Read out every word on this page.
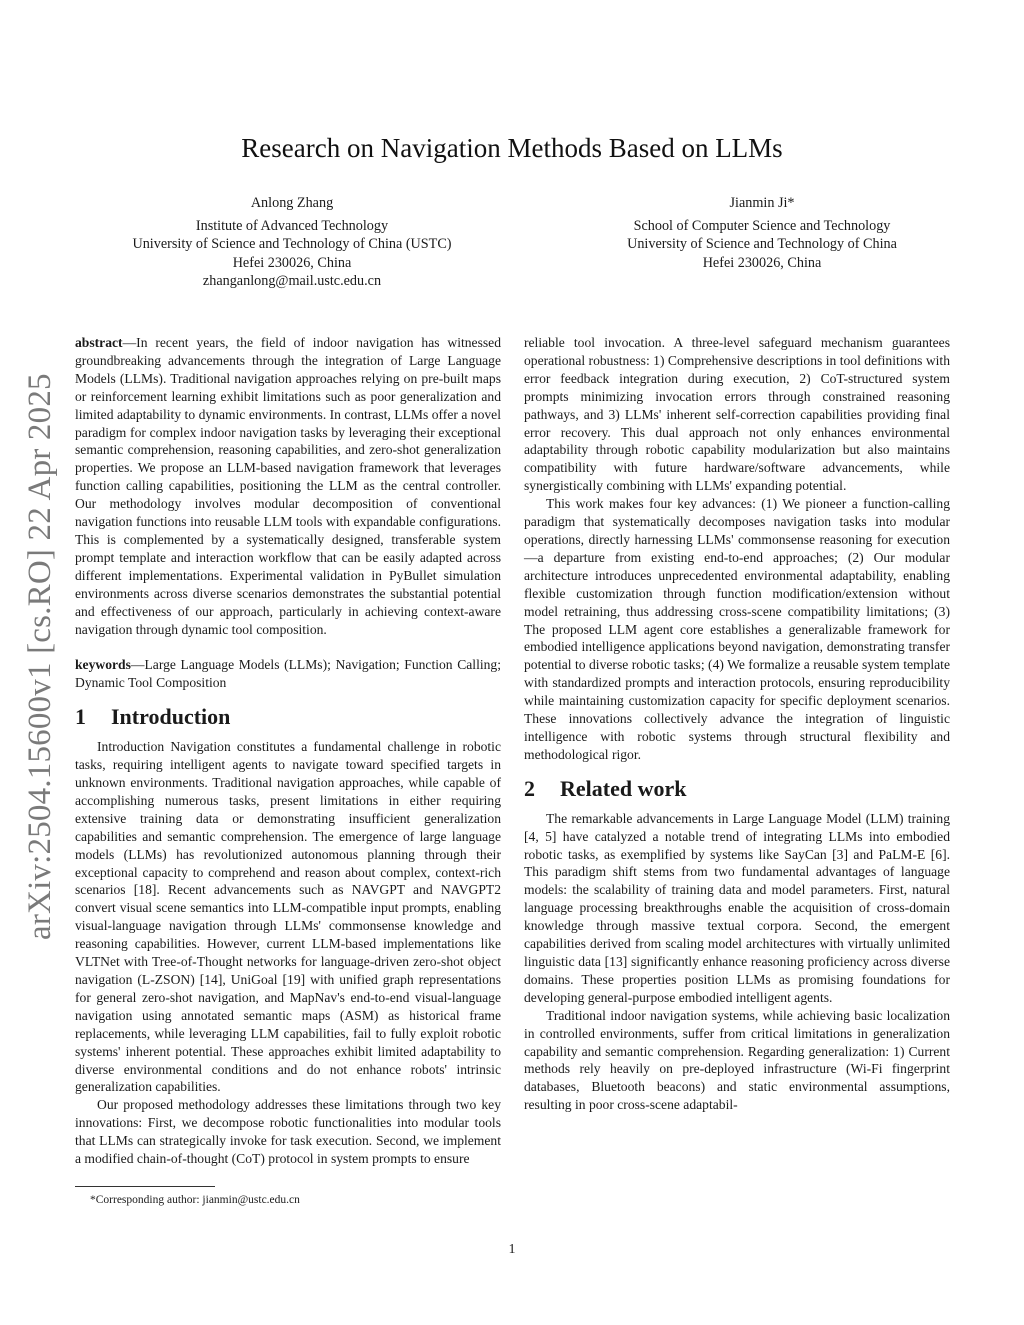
arXiv:2504.15600v1 [cs.RO] 22 Apr 2025
Research on Navigation Methods Based on LLMs
Anlong Zhang
Institute of Advanced Technology
University of Science and Technology of China (USTC)
Hefei 230026, China
zhanganlong@mail.ustc.edu.cn
Jianmin Ji*
School of Computer Science and Technology
University of Science and Technology of China
Hefei 230026, China

abstract—In recent years, the field of indoor navigation has witnessed groundbreaking advancements through the integration of Large Language Models (LLMs). Traditional navigation approaches relying on pre-built maps or reinforcement learning exhibit limitations such as poor generalization and limited adaptability to dynamic environments. In contrast, LLMs offer a novel paradigm for complex indoor navigation tasks by leveraging their exceptional semantic comprehension, reasoning capabilities, and zero-shot generalization properties. We propose an LLM-based navigation framework that leverages function calling capabilities, positioning the LLM as the central controller. Our methodology involves modular decomposition of conventional navigation functions into reusable LLM tools with expandable configurations. This is complemented by a systematically designed, transferable system prompt template and interaction workflow that can be easily adapted across different implementations. Experimental validation in PyBullet simulation environments across diverse scenarios demonstrates the substantial potential and effectiveness of our approach, particularly in achieving context-aware navigation through dynamic tool composition.

keywords—Large Language Models (LLMs); Navigation; Function Calling; Dynamic Tool Composition

1 Introduction

Introduction Navigation constitutes a fundamental challenge in robotic tasks, requiring intelligent agents to navigate toward specified targets in unknown environments. Traditional navigation approaches, while capable of accomplishing numerous tasks, present limitations in either requiring extensive training data or demonstrating insufficient generalization capabilities and semantic comprehension. The emergence of large language models (LLMs) has revolutionized autonomous planning through their exceptional capacity to comprehend and reason about complex, context-rich scenarios [18]. Recent advancements such as NAVGPT and NAVGPT2 convert visual scene semantics into LLM-compatible input prompts, enabling visual-language navigation through LLMs' commonsense knowledge and reasoning capabilities. However, current LLM-based implementations like VLTNet with Tree-of-Thought networks for language-driven zero-shot object navigation (L-ZSON) [14], UniGoal [19] with unified graph representations for general zero-shot navigation, and MapNav's end-to-end visual-language navigation using annotated semantic maps (ASM) as historical frame replacements, while leveraging LLM capabilities, fail to fully exploit robotic systems' inherent potential. These approaches exhibit limited adaptability to diverse environmental conditions and do not enhance robots' intrinsic generalization capabilities.

Our proposed methodology addresses these limitations through two key innovations: First, we decompose robotic functionalities into modular tools that LLMs can strategically invoke for task execution. Second, we implement a modified chain-of-thought (CoT) protocol in system prompts to ensure

*Corresponding author: jianmin@ustc.edu.cn

reliable tool invocation. A three-level safeguard mechanism guarantees operational robustness: 1) Comprehensive descriptions in tool definitions with error feedback integration during execution, 2) CoT-structured system prompts minimizing invocation errors through constrained reasoning pathways, and 3) LLMs' inherent self-correction capabilities providing final error recovery. This dual approach not only enhances environmental adaptability through robotic capability modularization but also maintains compatibility with future hardware/software advancements, while synergistically combining with LLMs' expanding potential.

This work makes four key advances: (1) We pioneer a function-calling paradigm that systematically decomposes navigation tasks into modular operations, directly harnessing LLMs' commonsense reasoning for execution—a departure from existing end-to-end approaches; (2) Our modular architecture introduces unprecedented environmental adaptability, enabling flexible customization through function modification/extension without model retraining, thus addressing cross-scene compatibility limitations; (3) The proposed LLM agent core establishes a generalizable framework for embodied intelligence applications beyond navigation, demonstrating transfer potential to diverse robotic tasks; (4) We formalize a reusable system template with standardized prompts and interaction protocols, ensuring reproducibility while maintaining customization capacity for specific deployment scenarios. These innovations collectively advance the integration of linguistic intelligence with robotic systems through structural flexibility and methodological rigor.

2 Related work

The remarkable advancements in Large Language Model (LLM) training [4, 5] have catalyzed a notable trend of integrating LLMs into embodied robotic tasks, as exemplified by systems like SayCan [3] and PaLM-E [6]. This paradigm shift stems from two fundamental advantages of language models: the scalability of training data and model parameters. First, natural language processing breakthroughs enable the acquisition of cross-domain knowledge through massive textual corpora. Second, the emergent capabilities derived from scaling model architectures with virtually unlimited linguistic data [13] significantly enhance reasoning proficiency across diverse domains. These properties position LLMs as promising foundations for developing general-purpose embodied intelligent agents.

Traditional indoor navigation systems, while achieving basic localization in controlled environments, suffer from critical limitations in generalization capability and semantic comprehension. Regarding generalization: 1) Current methods rely heavily on pre-deployed infrastructure (Wi-Fi fingerprint databases, Bluetooth beacons) and static environmental assumptions, resulting in poor cross-scene adaptabil-

1
